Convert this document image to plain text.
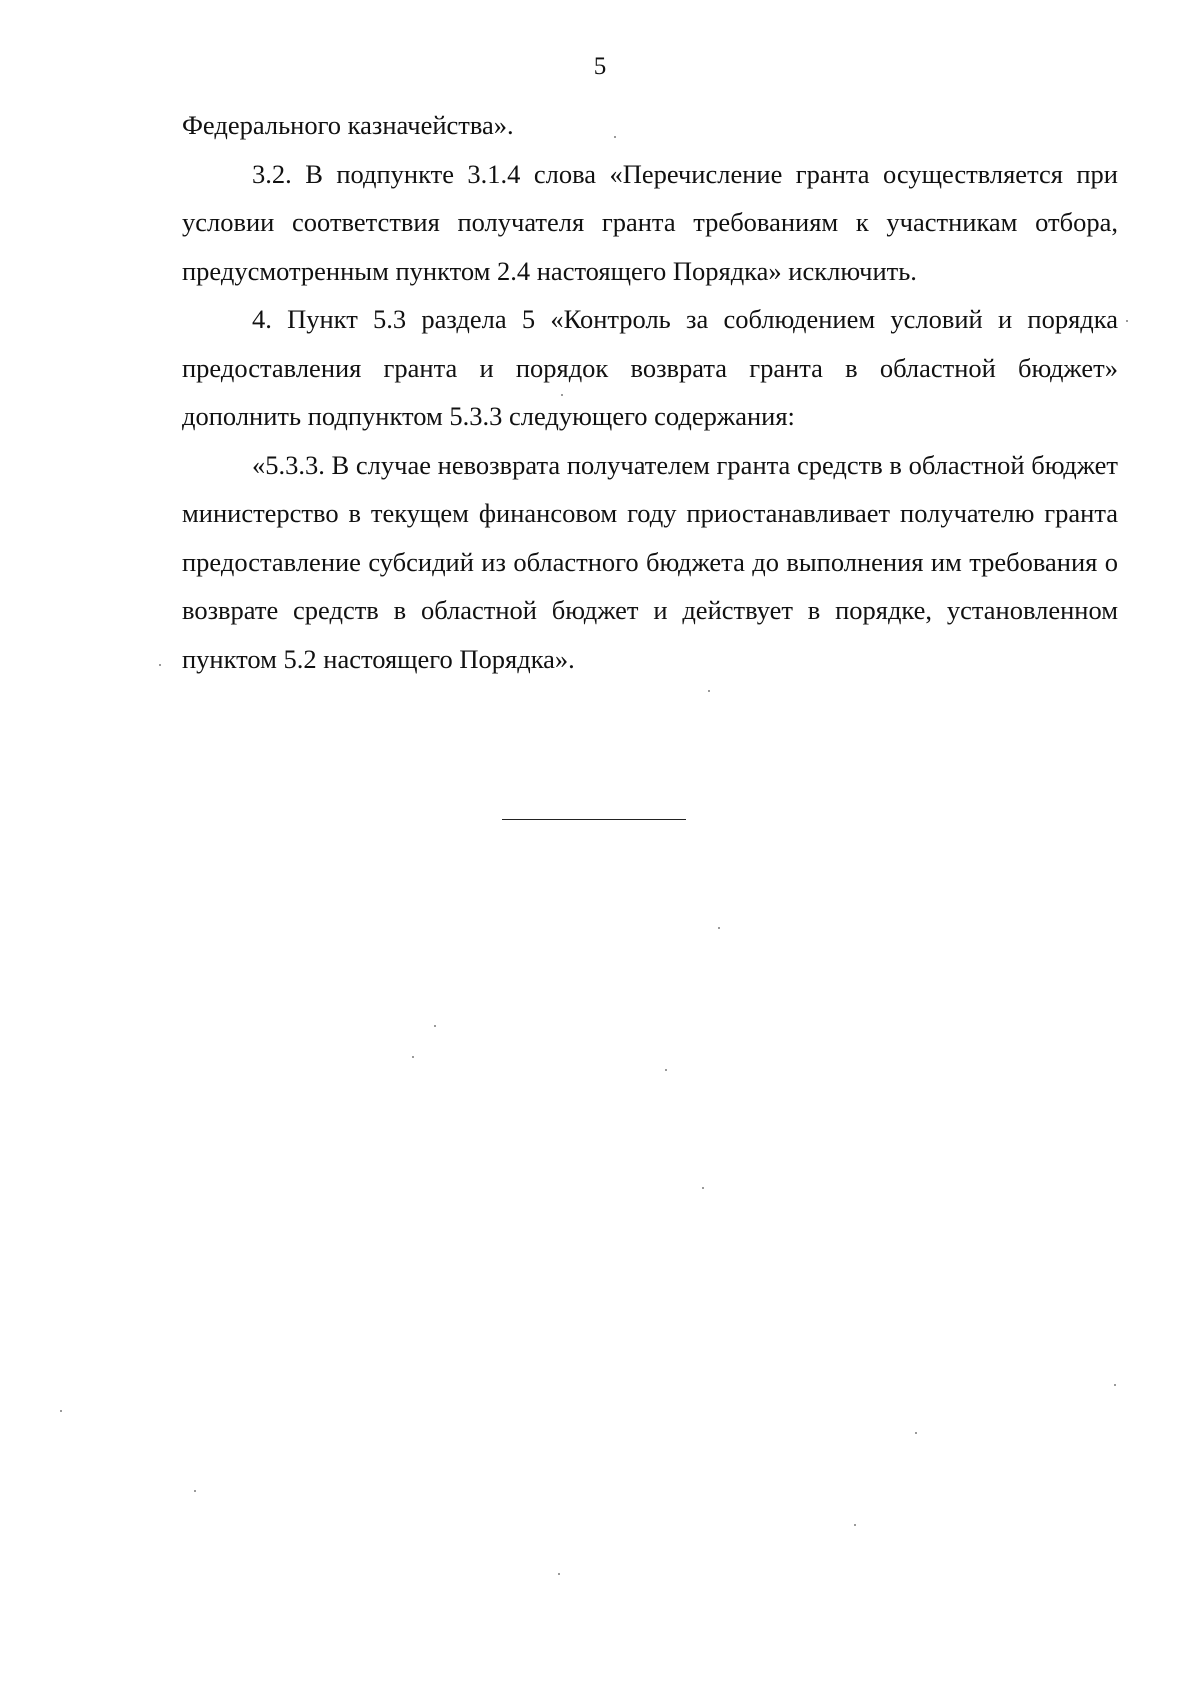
5

Федерального казначейства».

3.2. В подпункте 3.1.4 слова «Перечисление гранта осуществляется при условии соответствия получателя гранта требованиям к участникам отбора, предусмотренным пунктом 2.4 настоящего Порядка» исключить.

4. Пункт 5.3 раздела 5 «Контроль за соблюдением условий и порядка предоставления гранта и порядок возврата гранта в областной бюджет» дополнить подпунктом 5.3.3 следующего содержания:

«5.3.3. В случае невозврата получателем гранта средств в областной бюджет министерство в текущем финансовом году приостанавливает получателю гранта предоставление субсидий из областного бюджета до выполнения им требования о возврате средств в областной бюджет и действует в порядке, установленном пунктом 5.2 настоящего Порядка».
